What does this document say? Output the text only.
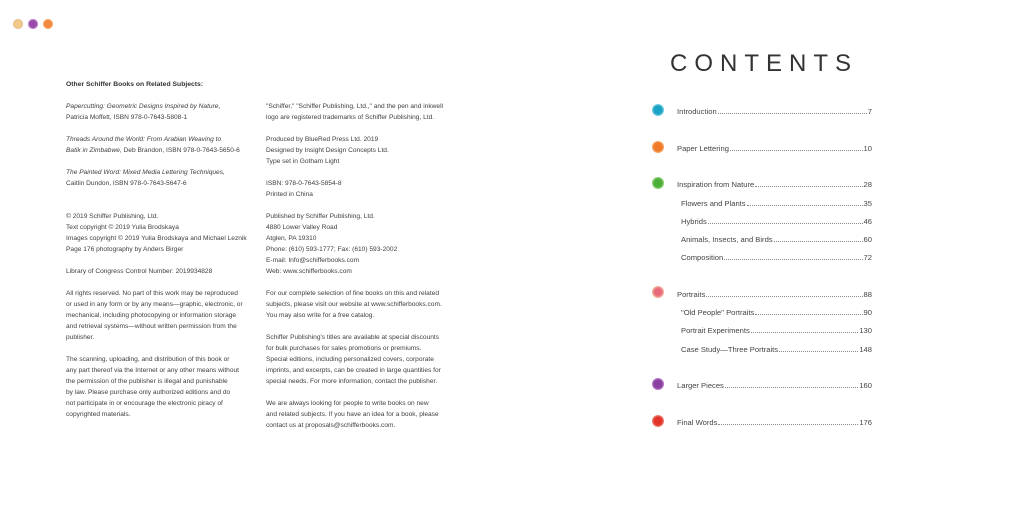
Other Schiffer Books on Related Subjects:

Papercutting: Geometric Designs Inspired by Nature,

Patricia Moffett, ISBN 978-0-7643-5808-1

Threads Around the World: From Arabian Weaving to

Batik in Zimbabwe, Deb Brandon, ISBN 978-0-7643-5650-6

The Painted Word: Mixed Media Lettering Techniques,

Caitlin Dundon, ISBN 978-0-7643-5647-6

© 2019 Schiffer Publishing, Ltd.

Text copyright © 2019 Yulia Brodskaya

Images copyright © 2019 Yulia Brodskaya and Michael Leznik

Page 176 photography by Anders Birger

Library of Congress Control Number: 2019934828

All rights reserved. No part of this work may be reproduced

or used in any form or by any means—graphic, electronic, or

mechanical, including photocopying or information storage

and retrieval systems—without written permission from the

publisher.

The scanning, uploading, and distribution of this book or

any part thereof via the Internet or any other means without

the permission of the publisher is illegal and punishable

by law. Please purchase only authorized editions and do

not participate in or encourage the electronic piracy of

copyrighted materials.

"Schiffer," "Schiffer Publishing, Ltd.," and the pen and inkwell

logo are registered trademarks of Schiffer Publishing, Ltd.

Produced by BlueRed Press Ltd. 2019

Designed by Insight Design Concepts Ltd.

Type set in Gotham Light

ISBN: 978-0-7643-5854-8

Printed in China

Published by Schiffer Publishing, Ltd.

4880 Lower Valley Road

Atglen, PA 19310

Phone: (610) 593-1777; Fax: (610) 593-2002

E-mail: Info@schifferbooks.com

Web: www.schifferbooks.com

For our complete selection of fine books on this and related

subjects, please visit our website at www.schifferbooks.com.

You may also write for a free catalog.

Schiffer Publishing's titles are available at special discounts

for bulk purchases for sales promotions or premiums.

Special editions, including personalized covers, corporate

imprints, and excerpts, can be created in large quantities for

special needs. For more information, contact the publisher.

We are always looking for people to write books on new

and related subjects. If you have an idea for a book, please

contact us at proposals@schifferbooks.com.

CONTENTS
Introduction	7
Paper Lettering	10
Inspiration from Nature	28
Flowers and Plants	35
Hybrids	46
Animals, Insects, and Birds	60
Composition	72
Portraits	88
"Old People" Portraits	90
Portrait Experiments	130
Case Study—Three Portraits	148
Larger Pieces	160
Final Words	176
